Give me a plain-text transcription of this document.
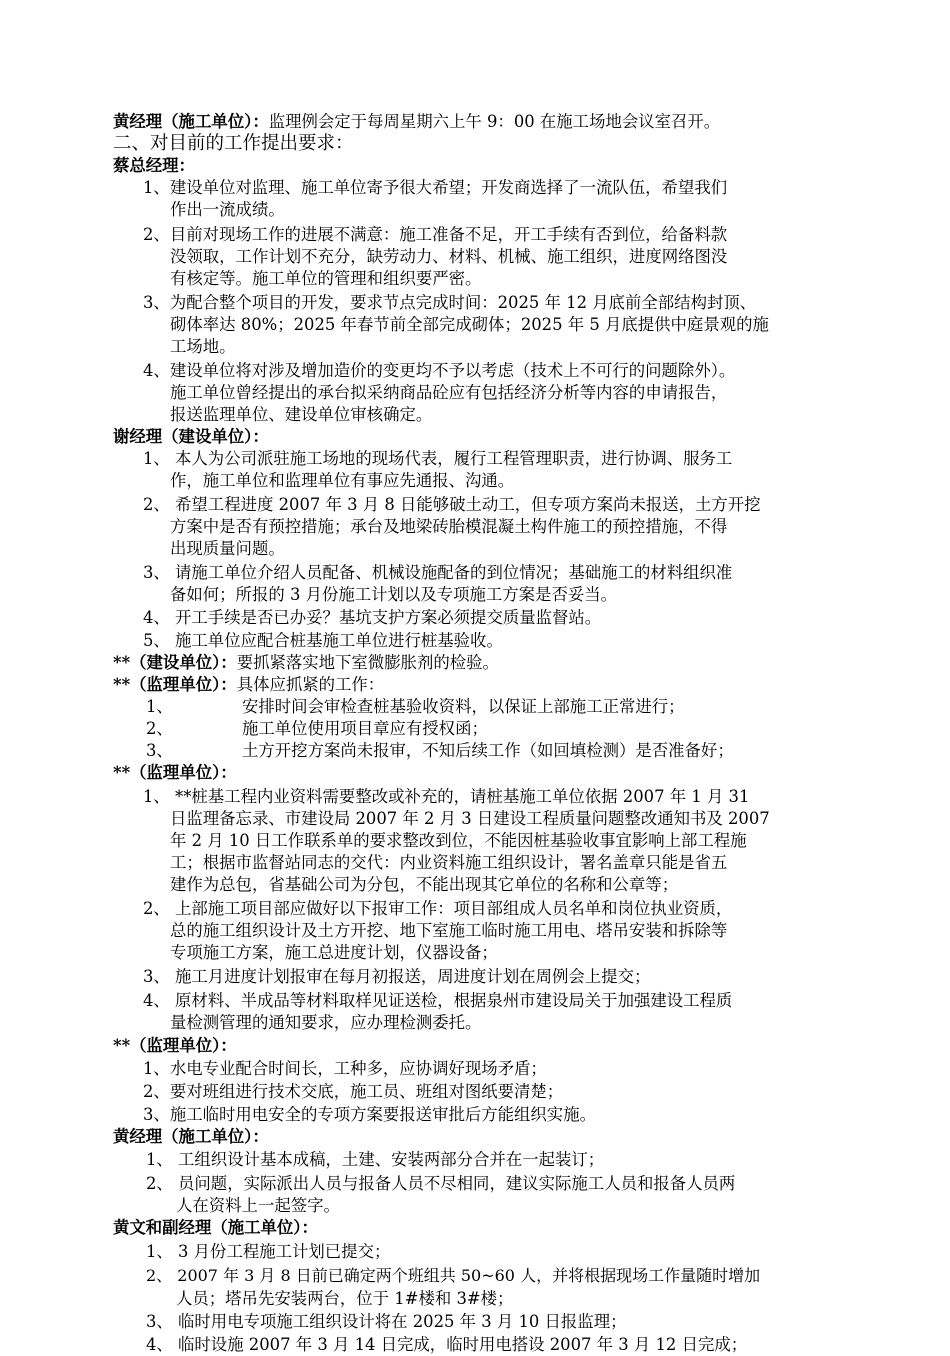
黄经理（施工单位）：监理例会定于每周星期六上午 9：00 在施工场地会议室召开。
二、对目前的工作提出要求：
蔡总经理：
1、建设单位对监理、施工单位寄予很大希望；开发商选择了一流队伍，希望我们
作出一流成绩。
2、目前对现场工作的进展不满意：施工准备不足，开工手续有否到位，给备料款
没领取，工作计划不充分，缺劳动力、材料、机械、施工组织，进度网络图没
有核定等。施工单位的管理和组织要严密。
3、为配合整个项目的开发，要求节点完成时间：2025 年 12 月底前全部结构封顶、
砌体率达 80%；2025 年春节前全部完成砌体；2025 年 5 月底提供中庭景观的施
工场地。
4、建设单位将对涉及增加造价的变更均不予以考虑（技术上不可行的问题除外）。
施工单位曾经提出的承台拟采纳商品砼应有包括经济分析等内容的申请报告，
报送监理单位、建设单位审核确定。
谢经理（建设单位）：
1、 本人为公司派驻施工场地的现场代表，履行工程管理职责，进行协调、服务工
作，施工单位和监理单位有事应先通报、沟通。
2、 希望工程进度 2007 年 3 月 8 日能够破土动工，但专项方案尚未报送，土方开挖
方案中是否有预控措施；承台及地梁砖胎模混凝土构件施工的预控措施，不得
出现质量问题。
3、 请施工单位介绍人员配备、机械设施配备的到位情况；基础施工的材料组织准
备如何；所报的 3 月份施工计划以及专项施工方案是否妥当。
4、 开工手续是否已办妥？基坑支护方案必须提交质量监督站。
5、 施工单位应配合桩基施工单位进行桩基验收。
**（建设单位）：要抓紧落实地下室微膨胀剂的检验。
**（监理单位）：具体应抓紧的工作：
1、	安排时间会审检查桩基验收资料，以保证上部施工正常进行；
2、	施工单位使用项目章应有授权函；
3、	土方开挖方案尚未报审，不知后续工作（如回填检测）是否准备好；
**（监理单位）：
1、 **桩基工程内业资料需要整改或补充的，请桩基施工单位依据 2007 年 1 月 31
日监理备忘录、市建设局 2007 年 2 月 3 日建设工程质量问题整改通知书及 2007
年 2 月 10 日工作联系单的要求整改到位，不能因桩基验收事宜影响上部工程施
工；根据市监督站同志的交代：内业资料施工组织设计，署名盖章只能是省五
建作为总包，省基础公司为分包，不能出现其它单位的名称和公章等；
2、 上部施工项目部应做好以下报审工作：项目部组成人员名单和岗位执业资质，
总的施工组织设计及土方开挖、地下室施工临时施工用电、塔吊安装和拆除等
专项施工方案，施工总进度计划，仪器设备；
3、 施工月进度计划报审在每月初报送，周进度计划在周例会上提交；
4、 原材料、半成品等材料取样见证送检，根据泉州市建设局关于加强建设工程质
量检测管理的通知要求，应办理检测委托。
**（监理单位）：
1、水电专业配合时间长，工种多，应协调好现场矛盾；
2、要对班组进行技术交底，施工员、班组对图纸要清楚；
3、施工临时用电安全的专项方案要报送审批后方能组织实施。
黄经理（施工单位）：
1、 工组织设计基本成稿，土建、安装两部分合并在一起装订；
2、 员问题，实际派出人员与报备人员不尽相同，建议实际施工人员和报备人员两
人在资料上一起签字。
黄文和副经理（施工单位）：
1、 3 月份工程施工计划已提交；
2、 2007 年 3 月 8 日前已确定两个班组共 50~60 人，并将根据现场工作量随时增加
人员；塔吊先安装两台，位于 1#楼和 3#楼；
3、 临时用电专项施工组织设计将在 2025 年 3 月 10 日报监理；
4、 临时设施 2007 年 3 月 14 日完成，临时用电搭设 2007 年 3 月 12 日完成；
